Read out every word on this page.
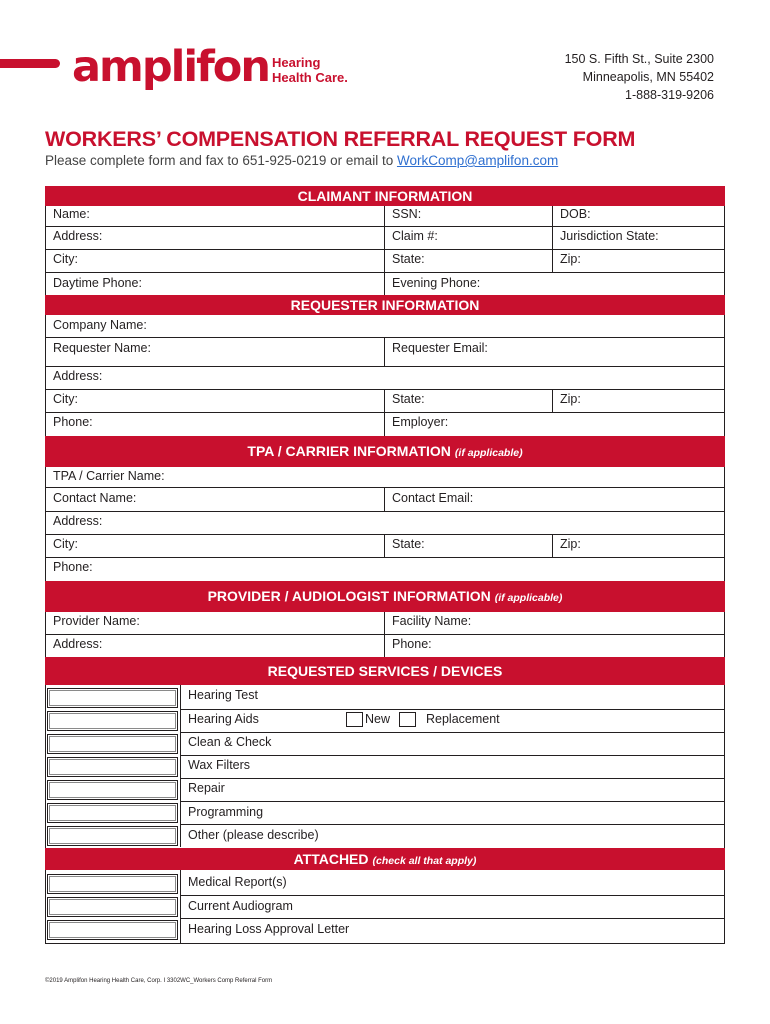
amplifon Hearing
Health Care.
150 S. Fifth St., Suite 2300
Minneapolis, MN 55402
1-888-319-9206
WORKERS’ COMPENSATION REFERRAL REQUEST FORM
Please complete form and fax to 651-925-0219 or email to WorkComp@amplifon.com
CLAIMANT INFORMATION
Name:	SSN:	DOB:
Address:	Claim #:	Jurisdiction State:
City:	State:	Zip:
Daytime Phone:	Evening Phone:
REQUESTER INFORMATION
Company Name:
Requester Name:	Requester Email:
Address:
City:	State:	Zip:
Phone:	Employer:
TPA / CARRIER INFORMATION (if applicable)
TPA / Carrier Name:
Contact Name:	Contact Email:
Address:
City:	State:	Zip:
Phone:
PROVIDER / AUDIOLOGIST INFORMATION (if applicable)
Provider Name:	Facility Name:
Address:	Phone:
REQUESTED SERVICES / DEVICES
Hearing Test
Hearing Aids	New	Replacement
Clean & Check
Wax Filters
Repair
Programming
Other (please describe)
ATTACHED (check all that apply)
Medical Report(s)
Current Audiogram
Hearing Loss Approval Letter
©2019 Amplifon Hearing Health Care, Corp. I 3302WC_Workers Comp Referral Form
